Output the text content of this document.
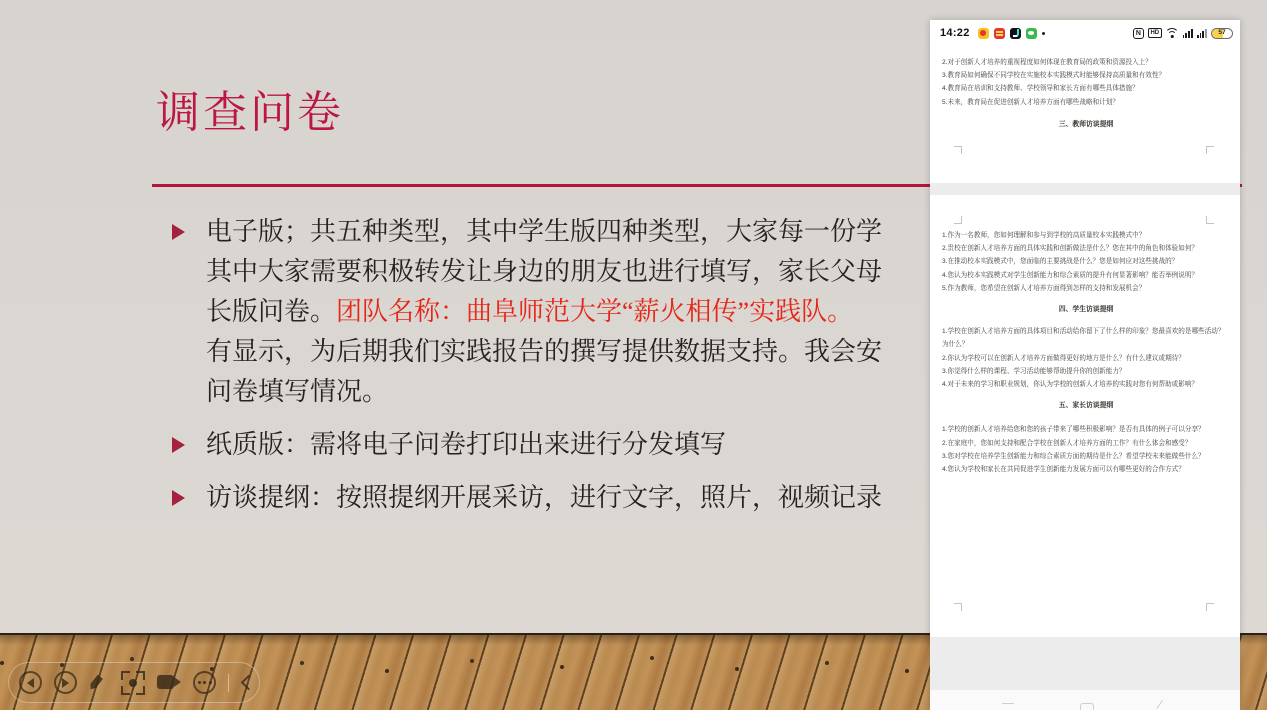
调查问卷
电子版；共五种类型，其中学生版四种类型，大家每一份学
其中大家需要积极转发让身边的朋友也进行填写，家长父母
长版问卷。团队名称：曲阜师范大学“薪火相传”实践队。
有显示，为后期我们实践报告的撰写提供数据支持。我会安
问卷填写情况。
纸质版：需将电子问卷打印出来进行分发填写
访谈提纲：按照提纲开展采访，进行文字，照片，视频记录
14:22	N	HD	57
2.对于创新人才培养的重视程度如何体现在教育局的政策和资源投入上？
3.教育局如何确保不同学校在实施校本实践模式时能够保持高质量和有效性？
4.教育局在培训和支持教师、学校领导和家长方面有哪些具体措施？
5.未来，教育局在促进创新人才培养方面有哪些战略和计划？
三、教师访谈提纲
1.作为一名教师，您如何理解和参与到学校的高质量校本实践模式中？
2.贵校在创新人才培养方面的具体实践和创新做法是什么？您在其中的角色和体验如何？
3.在推动校本实践模式中，您面临的主要挑战是什么？您是如何应对这些挑战的？
4.您认为校本实践模式对学生创新能力和综合素质的提升有何显著影响？能否举例说明？
5.作为教师，您希望在创新人才培养方面得到怎样的支持和发展机会？
四、学生访谈提纲
1.学校在创新人才培养方面的具体项目和活动给你留下了什么样的印象？您最喜欢的是哪些活动？为什么？
2.你认为学校可以在创新人才培养方面做得更好的地方是什么？有什么建议或期待？
3.你觉得什么样的课程、学习活动能够帮助提升你的创新能力？
4.对于未来的学习和职业规划，你认为学校的创新人才培养的实践对您有何帮助或影响？
五、家长访谈提纲
1.学校的创新人才培养给您和您的孩子带来了哪些积极影响？是否有具体的例子可以分享？
2.在家庭中，您如何支持和配合学校在创新人才培养方面的工作？有什么体会和感受？
3.您对学校在培养学生创新能力和综合素质方面的期待是什么？希望学校未来能做些什么？
4.您认为学校和家长在共同促进学生创新能力发展方面可以有哪些更好的合作方式？
